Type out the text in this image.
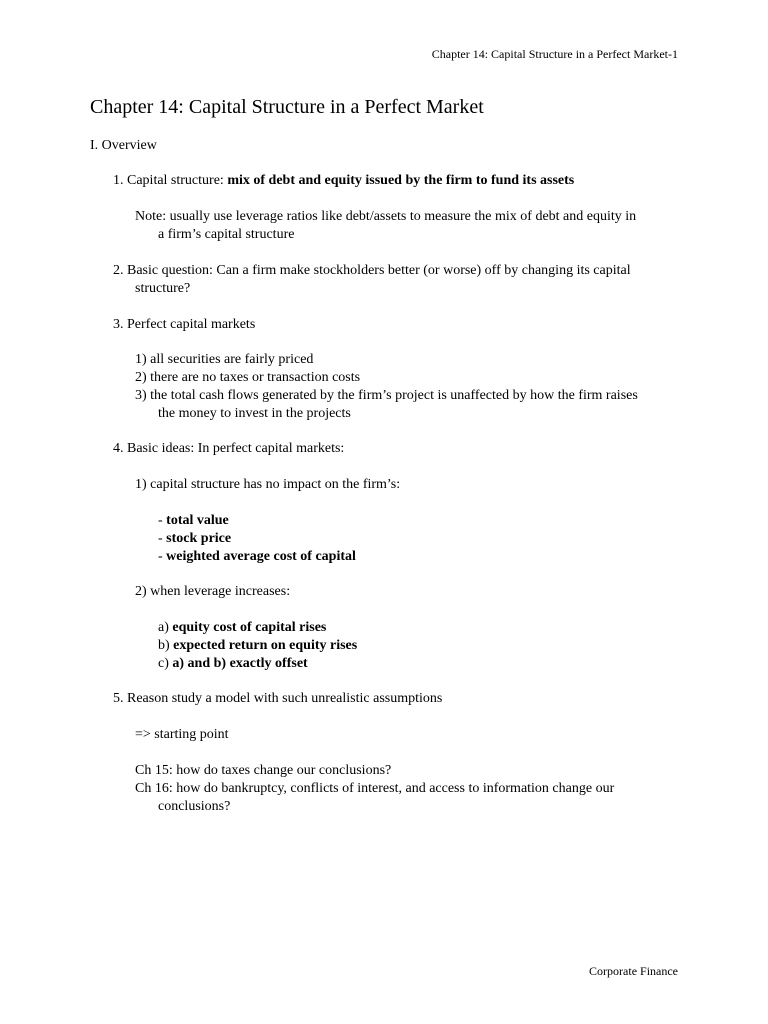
Chapter 14: Capital Structure in a Perfect Market-1
Chapter 14: Capital Structure in a Perfect Market
I. Overview
1. Capital structure: mix of debt and equity issued by the firm to fund its assets
Note: usually use leverage ratios like debt/assets to measure the mix of debt and equity in
a firm’s capital structure
2. Basic question: Can a firm make stockholders better (or worse) off by changing its capital
structure?
3. Perfect capital markets
1) all securities are fairly priced
2) there are no taxes or transaction costs
3) the total cash flows generated by the firm’s project is unaffected by how the firm raises
the money to invest in the projects
4. Basic ideas: In perfect capital markets:
1) capital structure has no impact on the firm’s:
- total value
- stock price
- weighted average cost of capital
2) when leverage increases:
a) equity cost of capital rises
b) expected return on equity rises
c) a) and b) exactly offset
5. Reason study a model with such unrealistic assumptions
=> starting point
Ch 15: how do taxes change our conclusions?
Ch 16: how do bankruptcy, conflicts of interest, and access to information change our
conclusions?
Corporate Finance
